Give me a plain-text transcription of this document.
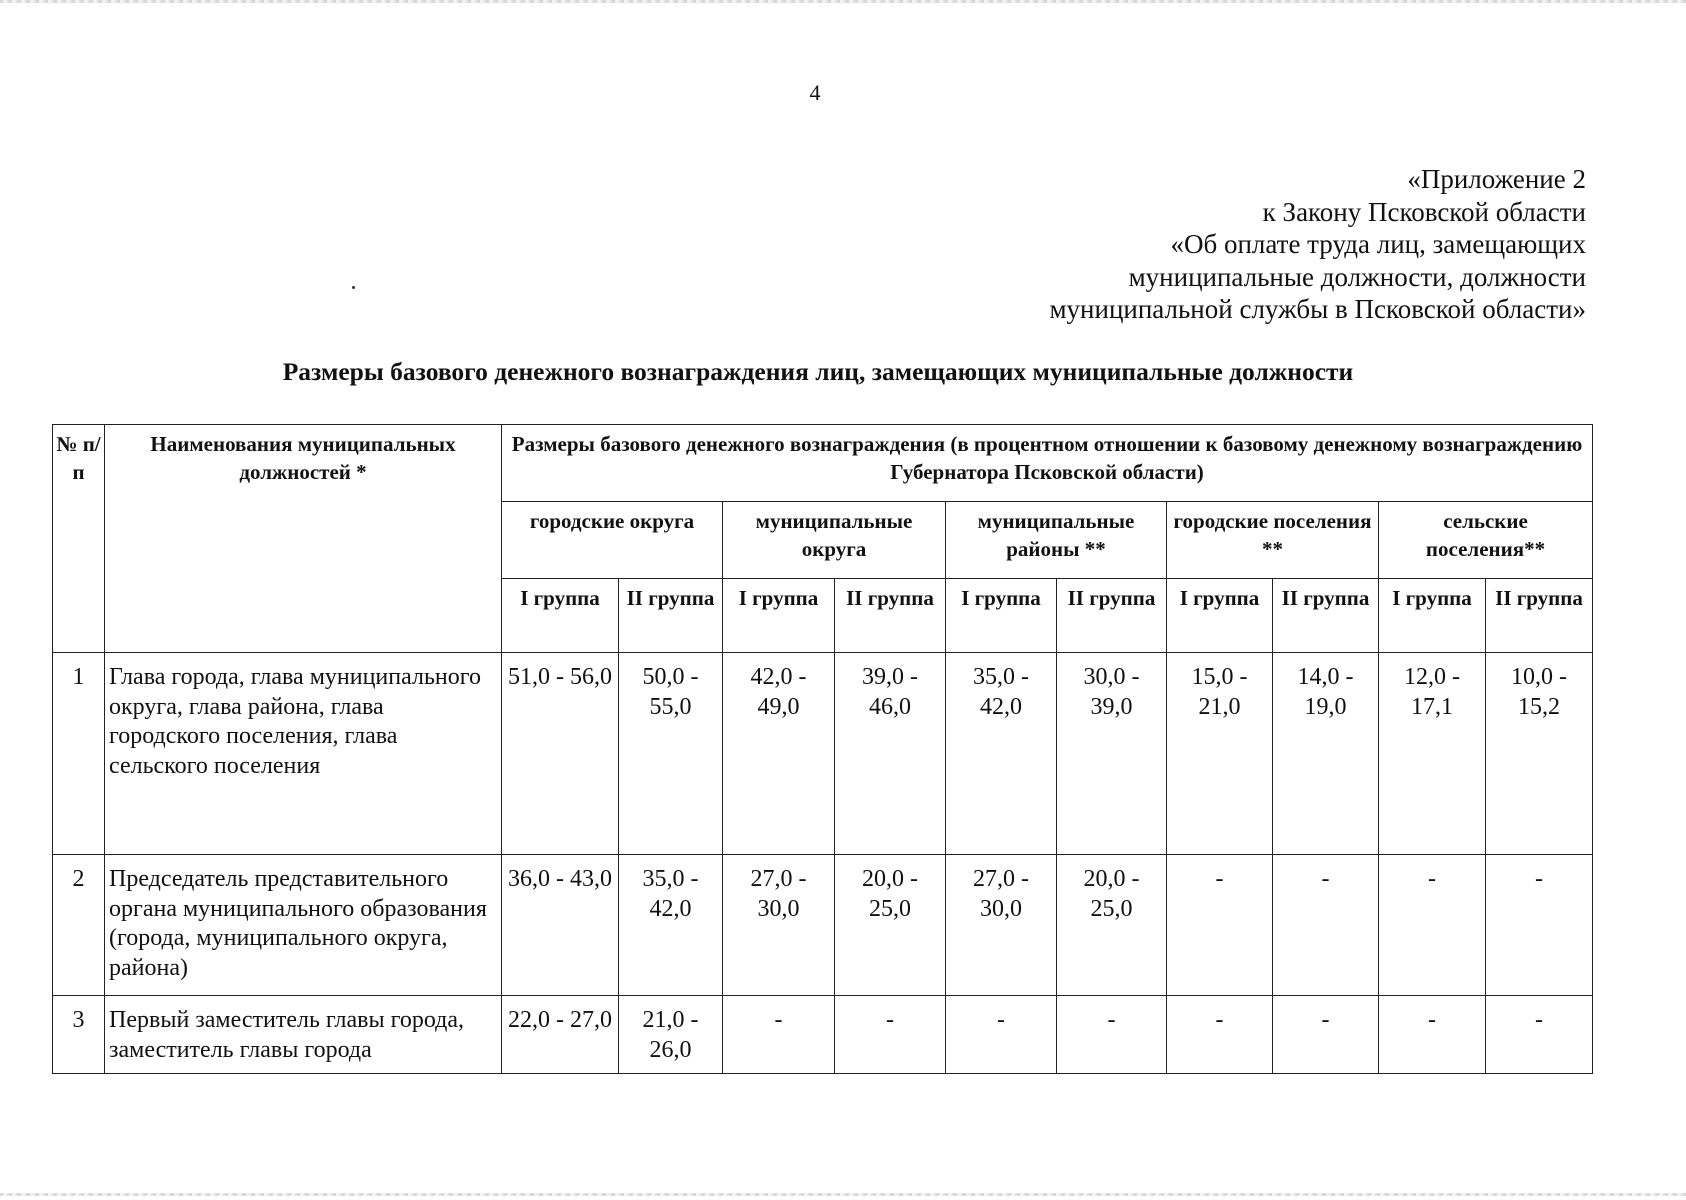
4
«Приложение 2
к Закону Псковской области
«Об оплате труда лиц, замещающих
муниципальные должности, должности
муниципальной службы в Псковской области»
Размеры базового денежного вознаграждения лиц, замещающих муниципальные должности
№ п/п	Наименования муниципальных должностей *	Размеры базового денежного вознаграждения (в процентном отношении к базовому денежному вознаграждению Губернатора Псковской области)									
		городские округа		муниципальные округа		муниципальные районы **		городские поселения **		сельские поселения**	
		I группа	II группа	I группа	II группа	I группа	II группа	I группа	II группа	I группа	II группа
1	Глава города, глава муниципального округа, глава района, глава городского поселения, глава сельского поселения	51,0 - 56,0	50,0 - 55,0	42,0 - 49,0	39,0 - 46,0	35,0 - 42,0	30,0 - 39,0	15,0 - 21,0	14,0 - 19,0	12,0 - 17,1	10,0 - 15,2
2	Председатель представительного органа муниципального образования (города, муниципального округа, района)	36,0 - 43,0	35,0 - 42,0	27,0 - 30,0	20,0 - 25,0	27,0 - 30,0	20,0 - 25,0	-	-	-	-
3	Первый заместитель главы города, заместитель главы города	22,0 - 27,0	21,0 - 26,0	-	-	-	-	-	-	-	-
